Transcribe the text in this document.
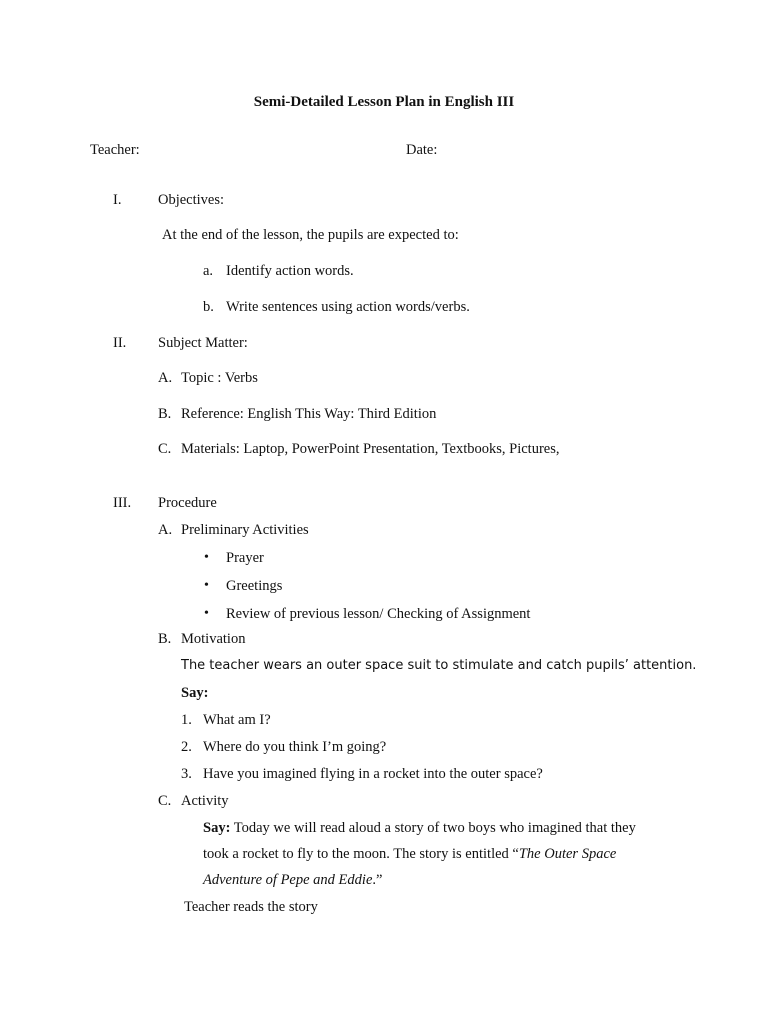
Semi-Detailed Lesson Plan in English III
Teacher:	Date:
I.	Objectives:
At the end of the lesson, the pupils are expected to:
a. Identify action words.
b. Write sentences using action words/verbs.
II. Subject Matter:
A. Topic : Verbs
B. Reference: English This Way: Third Edition
C. Materials: Laptop, PowerPoint Presentation, Textbooks, Pictures,
III. Procedure
A. Preliminary Activities
• Prayer
• Greetings
• Review of previous lesson/ Checking of Assignment
B. Motivation
The teacher wears an outer space suit to stimulate and catch pupils’ attention.
Say:
1. What am I?
2. Where do you think I’m going?
3. Have you imagined flying in a rocket into the outer space?
C. Activity
Say: Today we will read aloud a story of two boys who imagined that they
took a rocket to fly to the moon. The story is entitled “The Outer Space
Adventure of Pepe and Eddie.”
Teacher reads the story
